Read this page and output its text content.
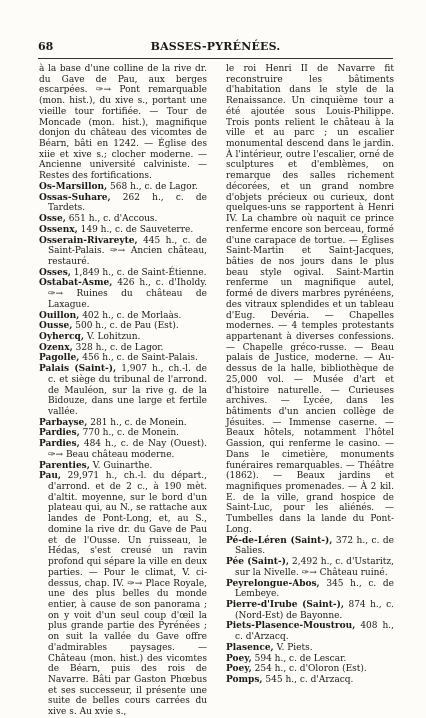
68	BASSES-PYRÉNÉES.

à la base d'une colline de la rive dr. du Gave de Pau, aux berges escarpées. ✑→ Pont remarquable (mon. hist.), du xive s., portant une vieille tour fortifiée. — Tour de Moncade (mon. hist.), magnifique donjon du château des vicomtes de Béarn, bâti en 1242. — Église des xiie et xive s.; clocher moderne. — Ancienne université calviniste. — Restes des fortifications.

Os-Marsillon, 568 h., c. de Lagor.

Ossas-Suhare, 262 h., c. de Tardets.

Osse, 651 h., c. d'Accous.

Ossenx, 149 h., c. de Sauveterre.

Osserain-Rivareyte, 445 h., c. de Saint-Palais. ✑→ Ancien château, restauré.

Osses, 1,849 h., c. de Saint-Étienne.

Ostabat-Asme, 426 h., c. d'Iholdy. ✑→ Ruines du château de Laxague.

Ouillon, 402 h., c. de Morlaàs.

Ousse, 500 h., c. de Pau (Est).

Oyhercq, V. Lohitzun.

Ozenx, 328 h., c. de Lagor.

Pagolle, 456 h., c. de Saint-Palais.

Palais (Saint-), 1,907 h., ch.-l. de c. et siège du tribunal de l'arrond. de Mauléon, sur la rive g. de la Bidouze, dans une large et fertile vallée.

Parbayse, 281 h., c. de Monein.

Pardies, 770 h., c. de Monein.

Pardies, 484 h., c. de Nay (Ouest). ✑→ Beau château moderne.

Parenties, V. Guinarthe.

Pau, 29,971 h., ch.-l. du départ., d'arrond. et de 2 c., à 190 mèt. d'altit. moyenne, sur le bord d'un plateau qui, au N., se rattache aux landes de Pont-Long, et, au S., domine la rive dr. du Gave de Pau et de l'Ousse. Un ruisseau, le Hédas, s'est creusé un ravin profond qui sépare la ville en deux parties. — Pour le climat, V. ci-dessus, chap. IV. ✑→ Place Royale, une des plus belles du monde entier, à cause de son panorama ; on y voit d'un seul coup d'œil la plus grande partie des Pyrénées ; on suit la vallée du Gave offre d'admirables paysages. — Château (mon. hist.) des vicomtes de Béarn, puis des rois de Navarre. Bâti par Gaston Phœbus et ses successeur, il présente une suite de belles cours carrées du xive s. Au xvie s.,

le roi Henri II de Navarre fit reconstruire les bâtiments d'habitation dans le style de la Renaissance. Un cinquième tour a été ajoutée sous Louis-Philippe. Trois ponts relient le château à la ville et au parc ; un escalier monumental descend dans le jardin. À l'intérieur, outre l'escalier, orné de sculptures et d'emblèmes, on remarque des salles richement décorées, et un grand nombre d'objets précieux ou curieux, dont quelques-uns se rapportent à Henri IV. La chambre où naquit ce prince renferme encore son berceau, formé d'une carapace de tortue. — Églises Saint-Martin et Saint-Jacques, bâties de nos jours dans le plus beau style ogival. Saint-Martin renferme un magnifique autel, formé de divers marbres pyrénéens, des vitraux splendides et un tableau d'Eug. Devéria. — Chapelles modernes. — 4 temples protestants appartenant à diverses confessions. — Chapelle gréco-russe. — Beau palais de Justice, moderne. — Au-dessus de la halle, bibliothèque de 25,000 vol. — Musée d'art et d'histoire naturelle. — Curieuses archives. — Lycée, dans les bâtiments d'un ancien collège de Jésuites. — Immense caserne. — Beaux hôtels, notamment l'hôtel Gassion, qui renferme le casino. — Dans le cimetière, monuments funéraires remarquables. — Théâtre (1862). — Beaux jardins et magnifiques promenades. — À 2 kil. E. de la ville, grand hospice de Saint-Luc, pour les aliénés. — Tumbelles dans la lande du Pont-Long.

Pé-de-Léren (Saint-), 372 h., c. de Salies.

Pée (Saint-), 2,492 h., c. d'Ustaritz, sur la Nivelle. ✑→ Château ruiné.

Peyrelongue-Abos, 345 h., c. de Lembeye.

Pierre-d'Irube (Saint-), 874 h., c. (Nord-Est) de Bayonne.

Piets-Plasence-Moustrou, 408 h., c. d'Arzacq.

Plasence, V. Piets.

Poey, 594 h., c. de Lescar.

Poey, 254 h., c. d'Oloron (Est).

Pomps, 545 h., c. d'Arzacq.
